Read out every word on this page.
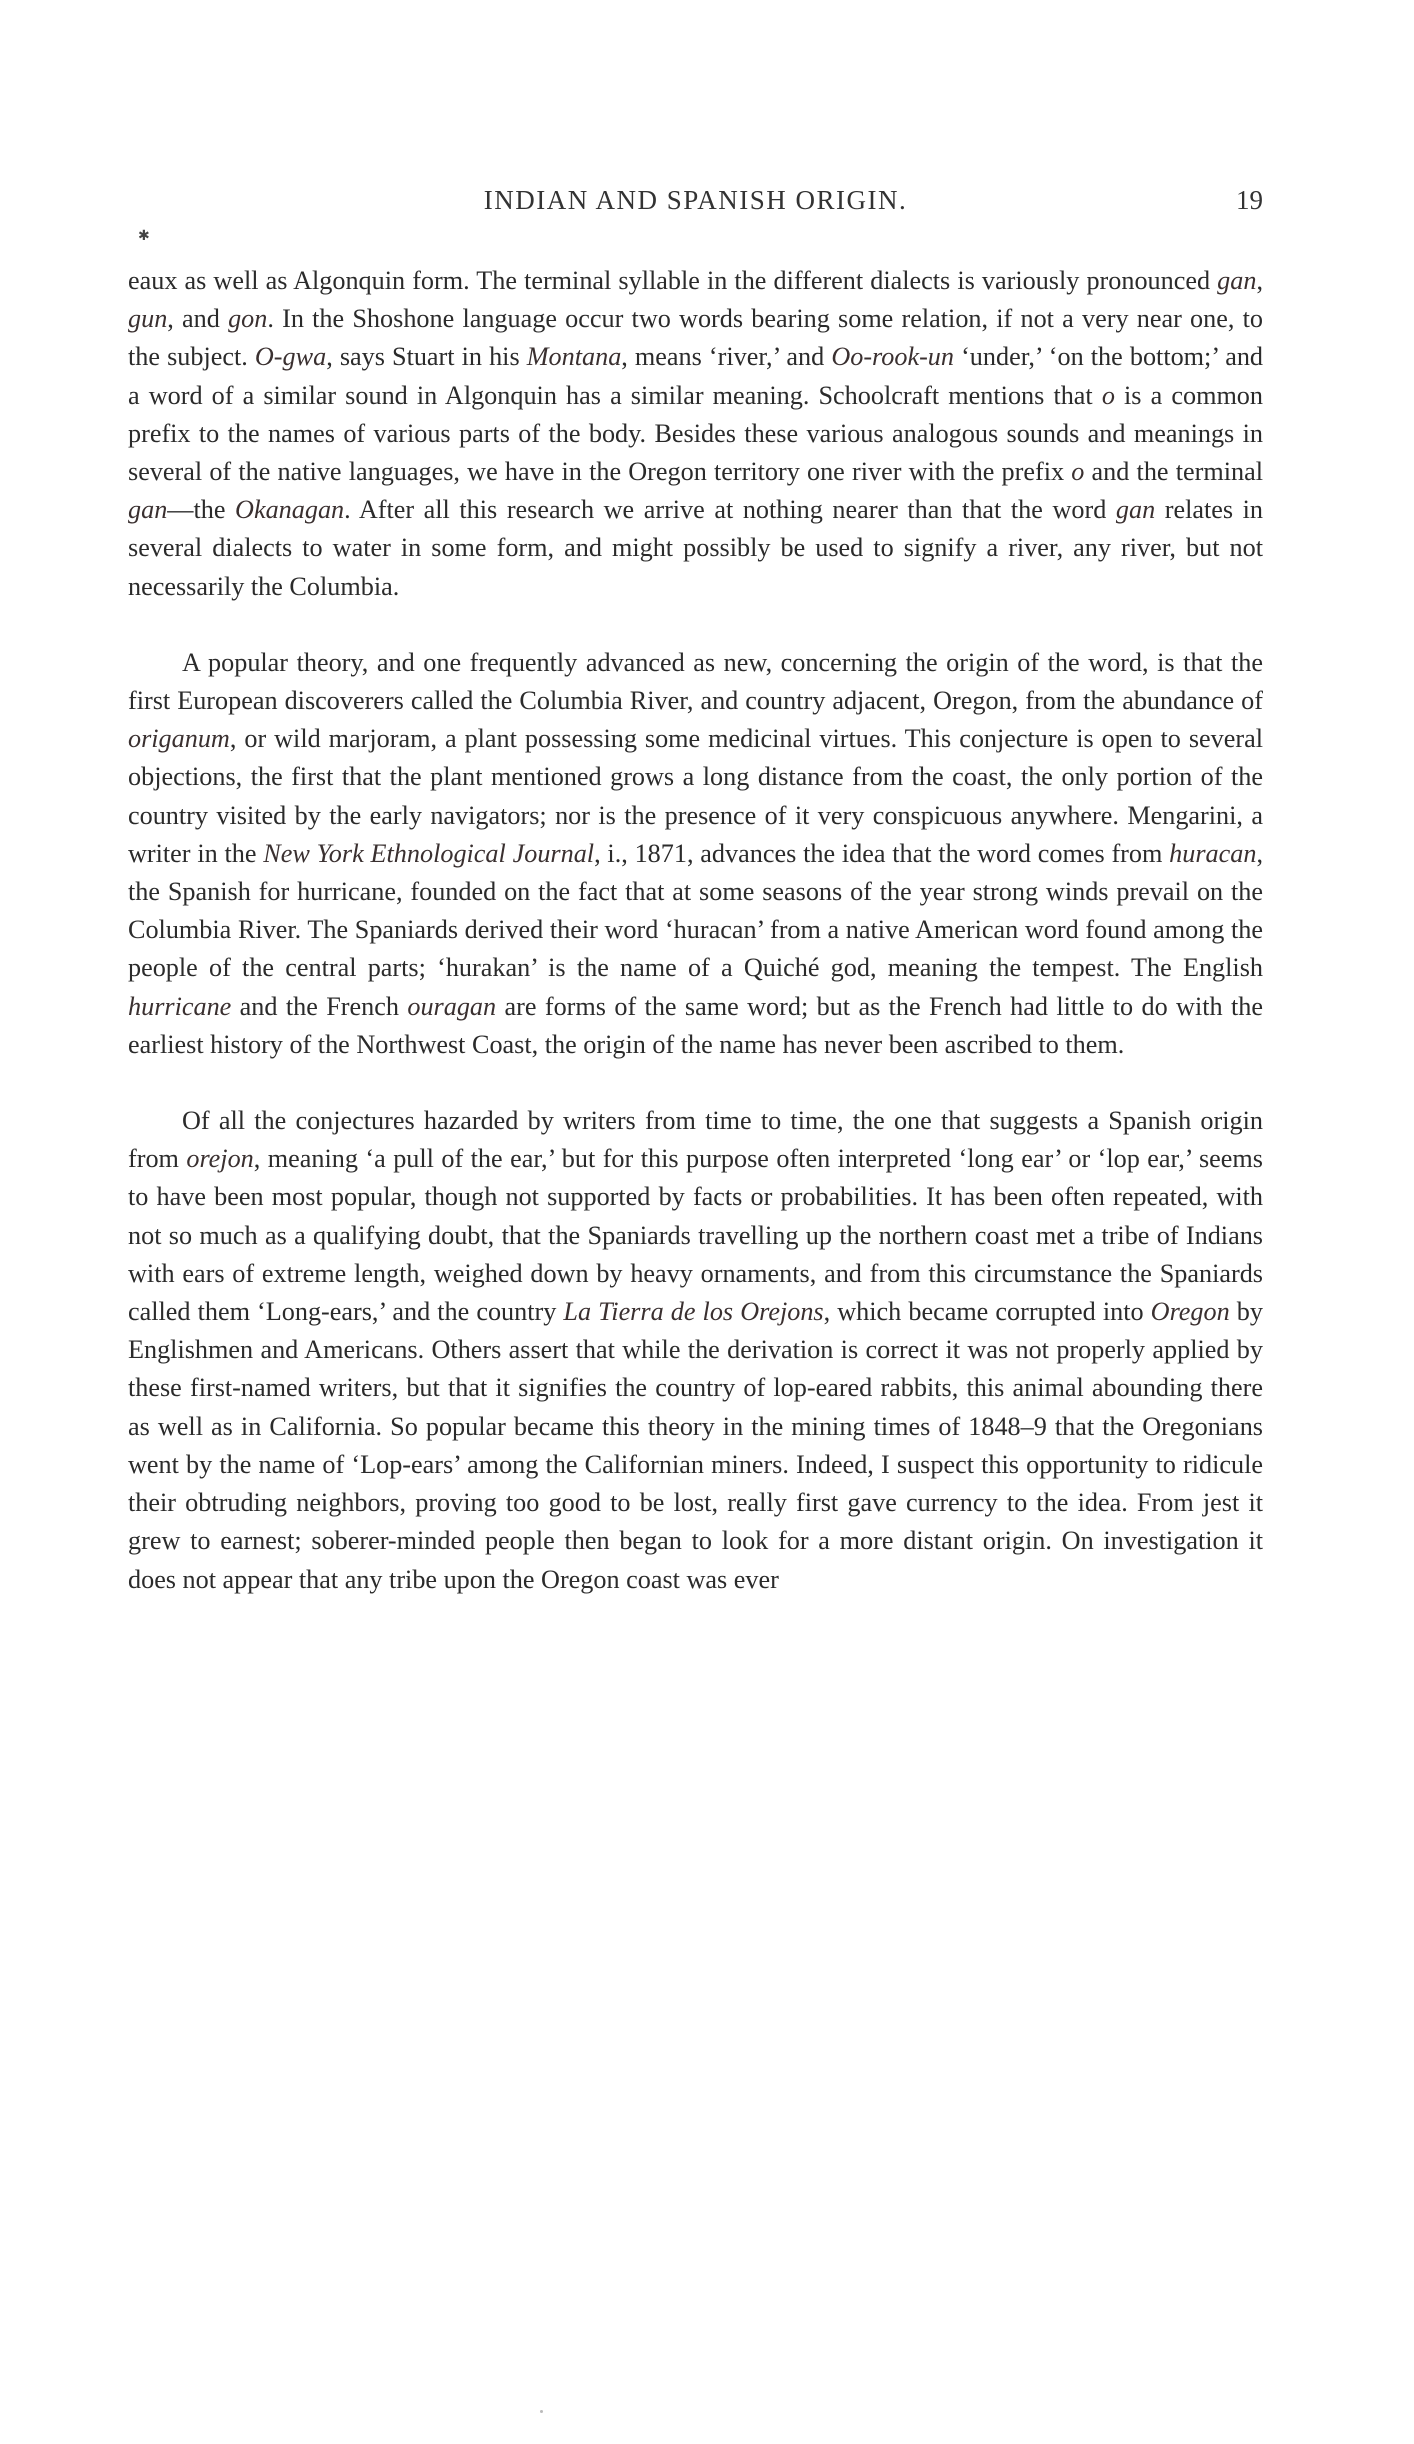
INDIAN AND SPANISH ORIGIN.	19
✱

eaux as well as Algonquin form. The terminal syllable in the different dialects is variously pronounced gan, gun, and gon. In the Shoshone language occur two words bearing some relation, if not a very near one, to the subject. O-gwa, says Stuart in his Montana, means ‘river,’ and Oo-rook-un ‘under,’ ‘on the bottom;’ and a word of a similar sound in Algonquin has a similar meaning. Schoolcraft mentions that o is a common prefix to the names of various parts of the body. Besides these various analogous sounds and meanings in several of the native languages, we have in the Oregon territory one river with the prefix o and the terminal gan—the Okanagan. After all this research we arrive at nothing nearer than that the word gan relates in several dialects to water in some form, and might possibly be used to signify a river, any river, but not necessarily the Columbia.

A popular theory, and one frequently advanced as new, concerning the origin of the word, is that the first European discoverers called the Columbia River, and country adjacent, Oregon, from the abundance of origanum, or wild marjoram, a plant possessing some medicinal virtues. This conjecture is open to several objections, the first that the plant mentioned grows a long distance from the coast, the only portion of the country visited by the early navigators; nor is the presence of it very conspicuous anywhere. Mengarini, a writer in the New York Ethnological Journal, i., 1871, advances the idea that the word comes from huracan, the Spanish for hurricane, founded on the fact that at some seasons of the year strong winds prevail on the Columbia River. The Spaniards derived their word ‘huracan’ from a native American word found among the people of the central parts; ‘hurakan’ is the name of a Quiché god, meaning the tempest. The English hurricane and the French ouragan are forms of the same word; but as the French had little to do with the earliest history of the Northwest Coast, the origin of the name has never been ascribed to them.

Of all the conjectures hazarded by writers from time to time, the one that suggests a Spanish origin from orejon, meaning ‘a pull of the ear,’ but for this purpose often interpreted ‘long ear’ or ‘lop ear,’ seems to have been most popular, though not supported by facts or probabilities. It has been often repeated, with not so much as a qualifying doubt, that the Spaniards travelling up the northern coast met a tribe of Indians with ears of extreme length, weighed down by heavy ornaments, and from this circumstance the Spaniards called them ‘Long-ears,’ and the country La Tierra de los Orejons, which became corrupted into Oregon by Englishmen and Americans. Others assert that while the derivation is correct it was not properly applied by these first-named writers, but that it signifies the country of lop-eared rabbits, this animal abounding there as well as in California. So popular became this theory in the mining times of 1848–9 that the Oregonians went by the name of ‘Lop-ears’ among the Californian miners. Indeed, I suspect this opportunity to ridicule their obtruding neighbors, proving too good to be lost, really first gave currency to the idea. From jest it grew to earnest; soberer-minded people then began to look for a more distant origin. On investigation it does not appear that any tribe upon the Oregon coast was ever
